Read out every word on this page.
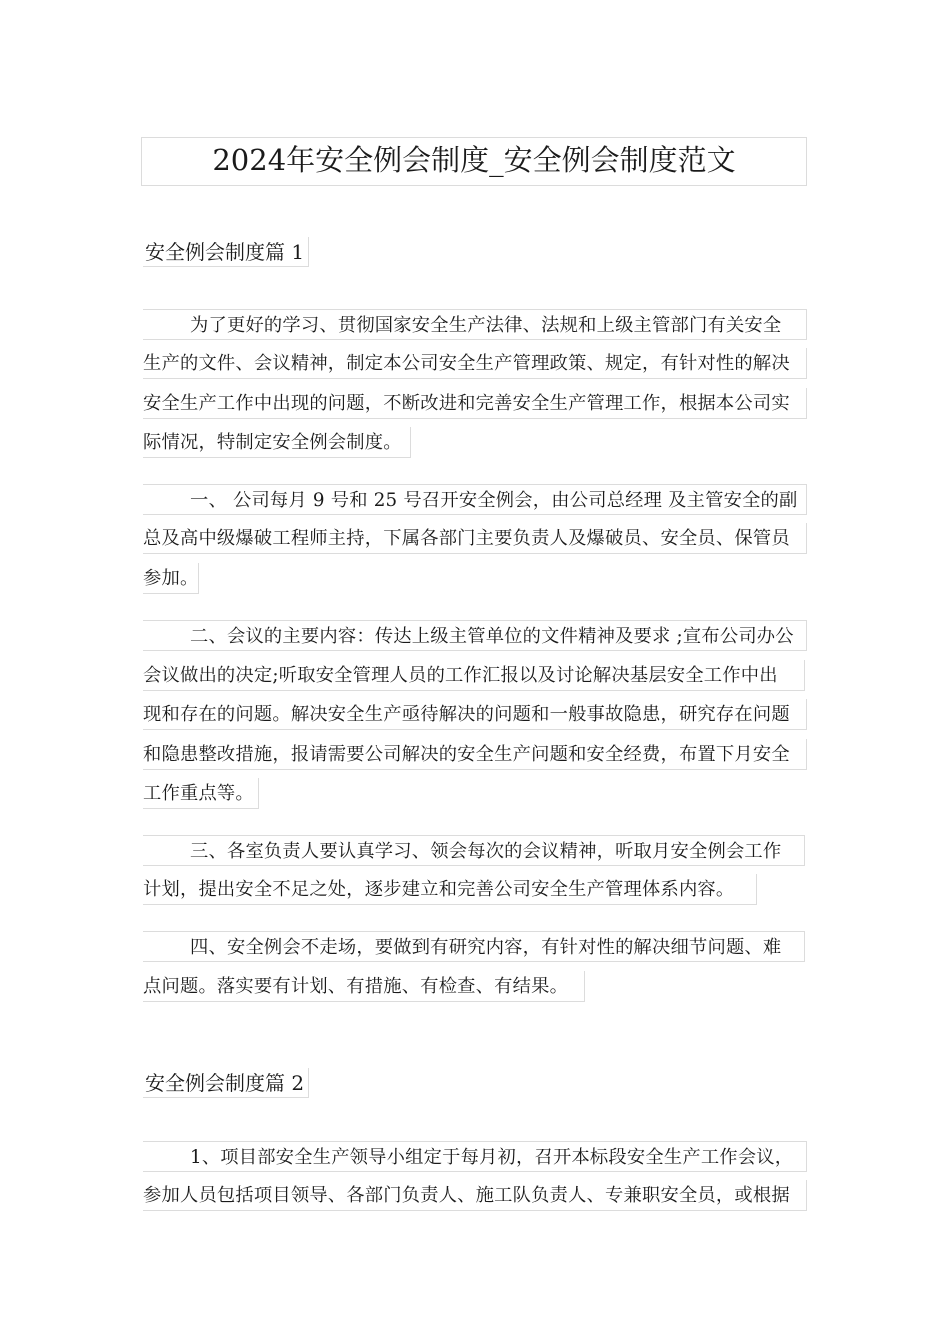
2024年安全例会制度_安全例会制度范文
安全例会制度篇 1
为了更好的学习、贯彻国家安全生产法律、法规和上级主管部门有关安全
生产的文件、会议精神，制定本公司安全生产管理政策、规定，有针对性的解决
安全生产工作中出现的问题，不断改进和完善安全生产管理工作，根据本公司实
际情况，特制定安全例会制度。
一、 公司每月 9 号和 25 号召开安全例会，由公司总经理 及主管安全的副
总及高中级爆破工程师主持，下属各部门主要负责人及爆破员、安全员、保管员
参加。
二、会议的主要内容：传达上级主管单位的文件精神及要求 ;宣布公司办公
会议做出的决定;听取安全管理人员的工作汇报以及讨论解决基层安全工作中出
现和存在的问题。解决安全生产亟待解决的问题和一般事故隐患，研究存在问题
和隐患整改措施，报请需要公司解决的安全生产问题和安全经费，布置下月安全
工作重点等。
三、各室负责人要认真学习、领会每次的会议精神，听取月安全例会工作
计划，提出安全不足之处，逐步建立和完善公司安全生产管理体系内容。
四、安全例会不走场，要做到有研究内容，有针对性的解决细节问题、难
点问题。落实要有计划、有措施、有检查、有结果。
安全例会制度篇 2
1、项目部安全生产领导小组定于每月初，召开本标段安全生产工作会议，
参加人员包括项目领导、各部门负责人、施工队负责人、专兼职安全员，或根据
